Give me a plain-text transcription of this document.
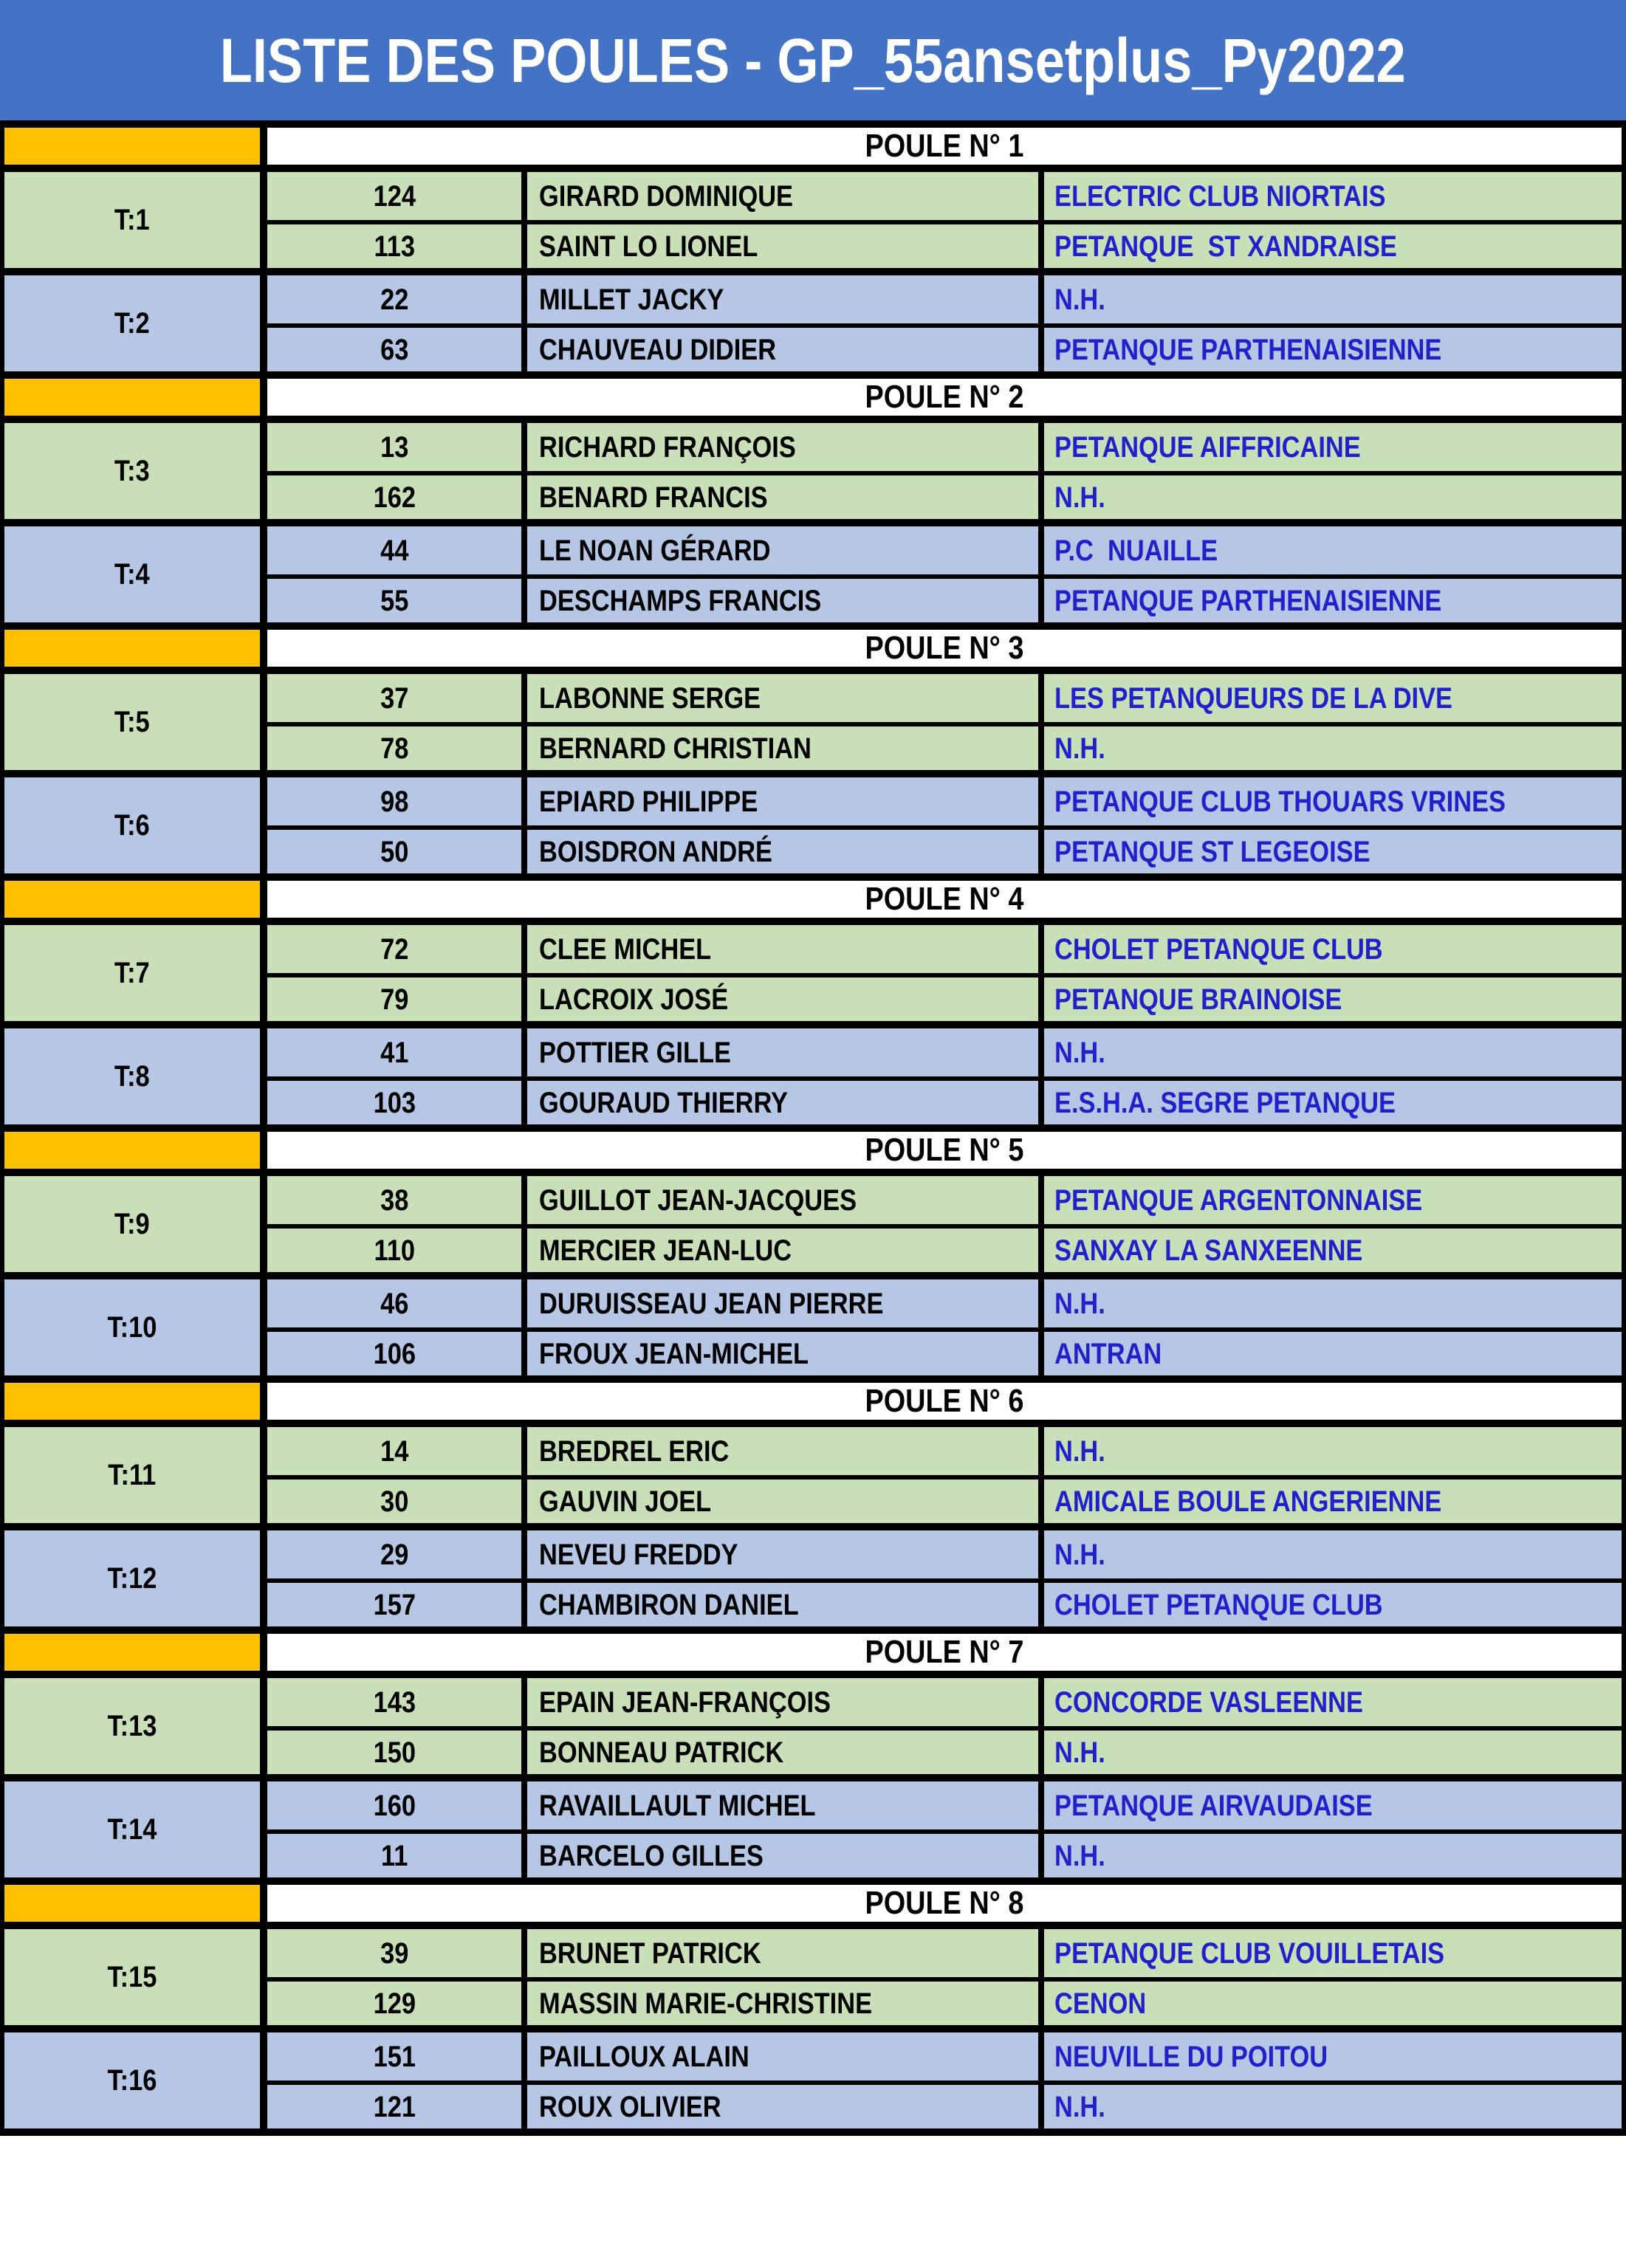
LISTE DES POULES - GP_55ansetplus_Py2022
POULE N° 1
T:1
124	GIRARD DOMINIQUE	ELECTRIC CLUB NIORTAIS
113	SAINT LO LIONEL	PETANQUE  ST XANDRAISE
T:2
22	MILLET JACKY	N.H.
63	CHAUVEAU DIDIER	PETANQUE PARTHENAISIENNE
POULE N° 2
T:3
13	RICHARD FRANÇOIS	PETANQUE AIFFRICAINE
162	BENARD FRANCIS	N.H.
T:4
44	LE NOAN GÉRARD	P.C  NUAILLE
55	DESCHAMPS FRANCIS	PETANQUE PARTHENAISIENNE
POULE N° 3
T:5
37	LABONNE SERGE	LES PETANQUEURS DE LA DIVE
78	BERNARD CHRISTIAN	N.H.
T:6
98	EPIARD PHILIPPE	PETANQUE CLUB THOUARS VRINES
50	BOISDRON ANDRÉ	PETANQUE ST LEGEOISE
POULE N° 4
T:7
72	CLEE MICHEL	CHOLET PETANQUE CLUB
79	LACROIX JOSÉ	PETANQUE BRAINOISE
T:8
41	POTTIER GILLE	N.H.
103	GOURAUD THIERRY	E.S.H.A. SEGRE PETANQUE
POULE N° 5
T:9
38	GUILLOT JEAN-JACQUES	PETANQUE ARGENTONNAISE
110	MERCIER JEAN-LUC	SANXAY LA SANXEENNE
T:10
46	DURUISSEAU JEAN PIERRE	N.H.
106	FROUX JEAN-MICHEL	ANTRAN
POULE N° 6
T:11
14	BREDREL ERIC	N.H.
30	GAUVIN JOEL	AMICALE BOULE ANGERIENNE
T:12
29	NEVEU FREDDY	N.H.
157	CHAMBIRON DANIEL	CHOLET PETANQUE CLUB
POULE N° 7
T:13
143	EPAIN JEAN-FRANÇOIS	CONCORDE VASLEENNE
150	BONNEAU PATRICK	N.H.
T:14
160	RAVAILLAULT MICHEL	PETANQUE AIRVAUDAISE
11	BARCELO GILLES	N.H.
POULE N° 8
T:15
39	BRUNET PATRICK	PETANQUE CLUB VOUILLETAIS
129	MASSIN MARIE-CHRISTINE	CENON
T:16
151	PAILLOUX ALAIN	NEUVILLE DU POITOU
121	ROUX OLIVIER	N.H.
